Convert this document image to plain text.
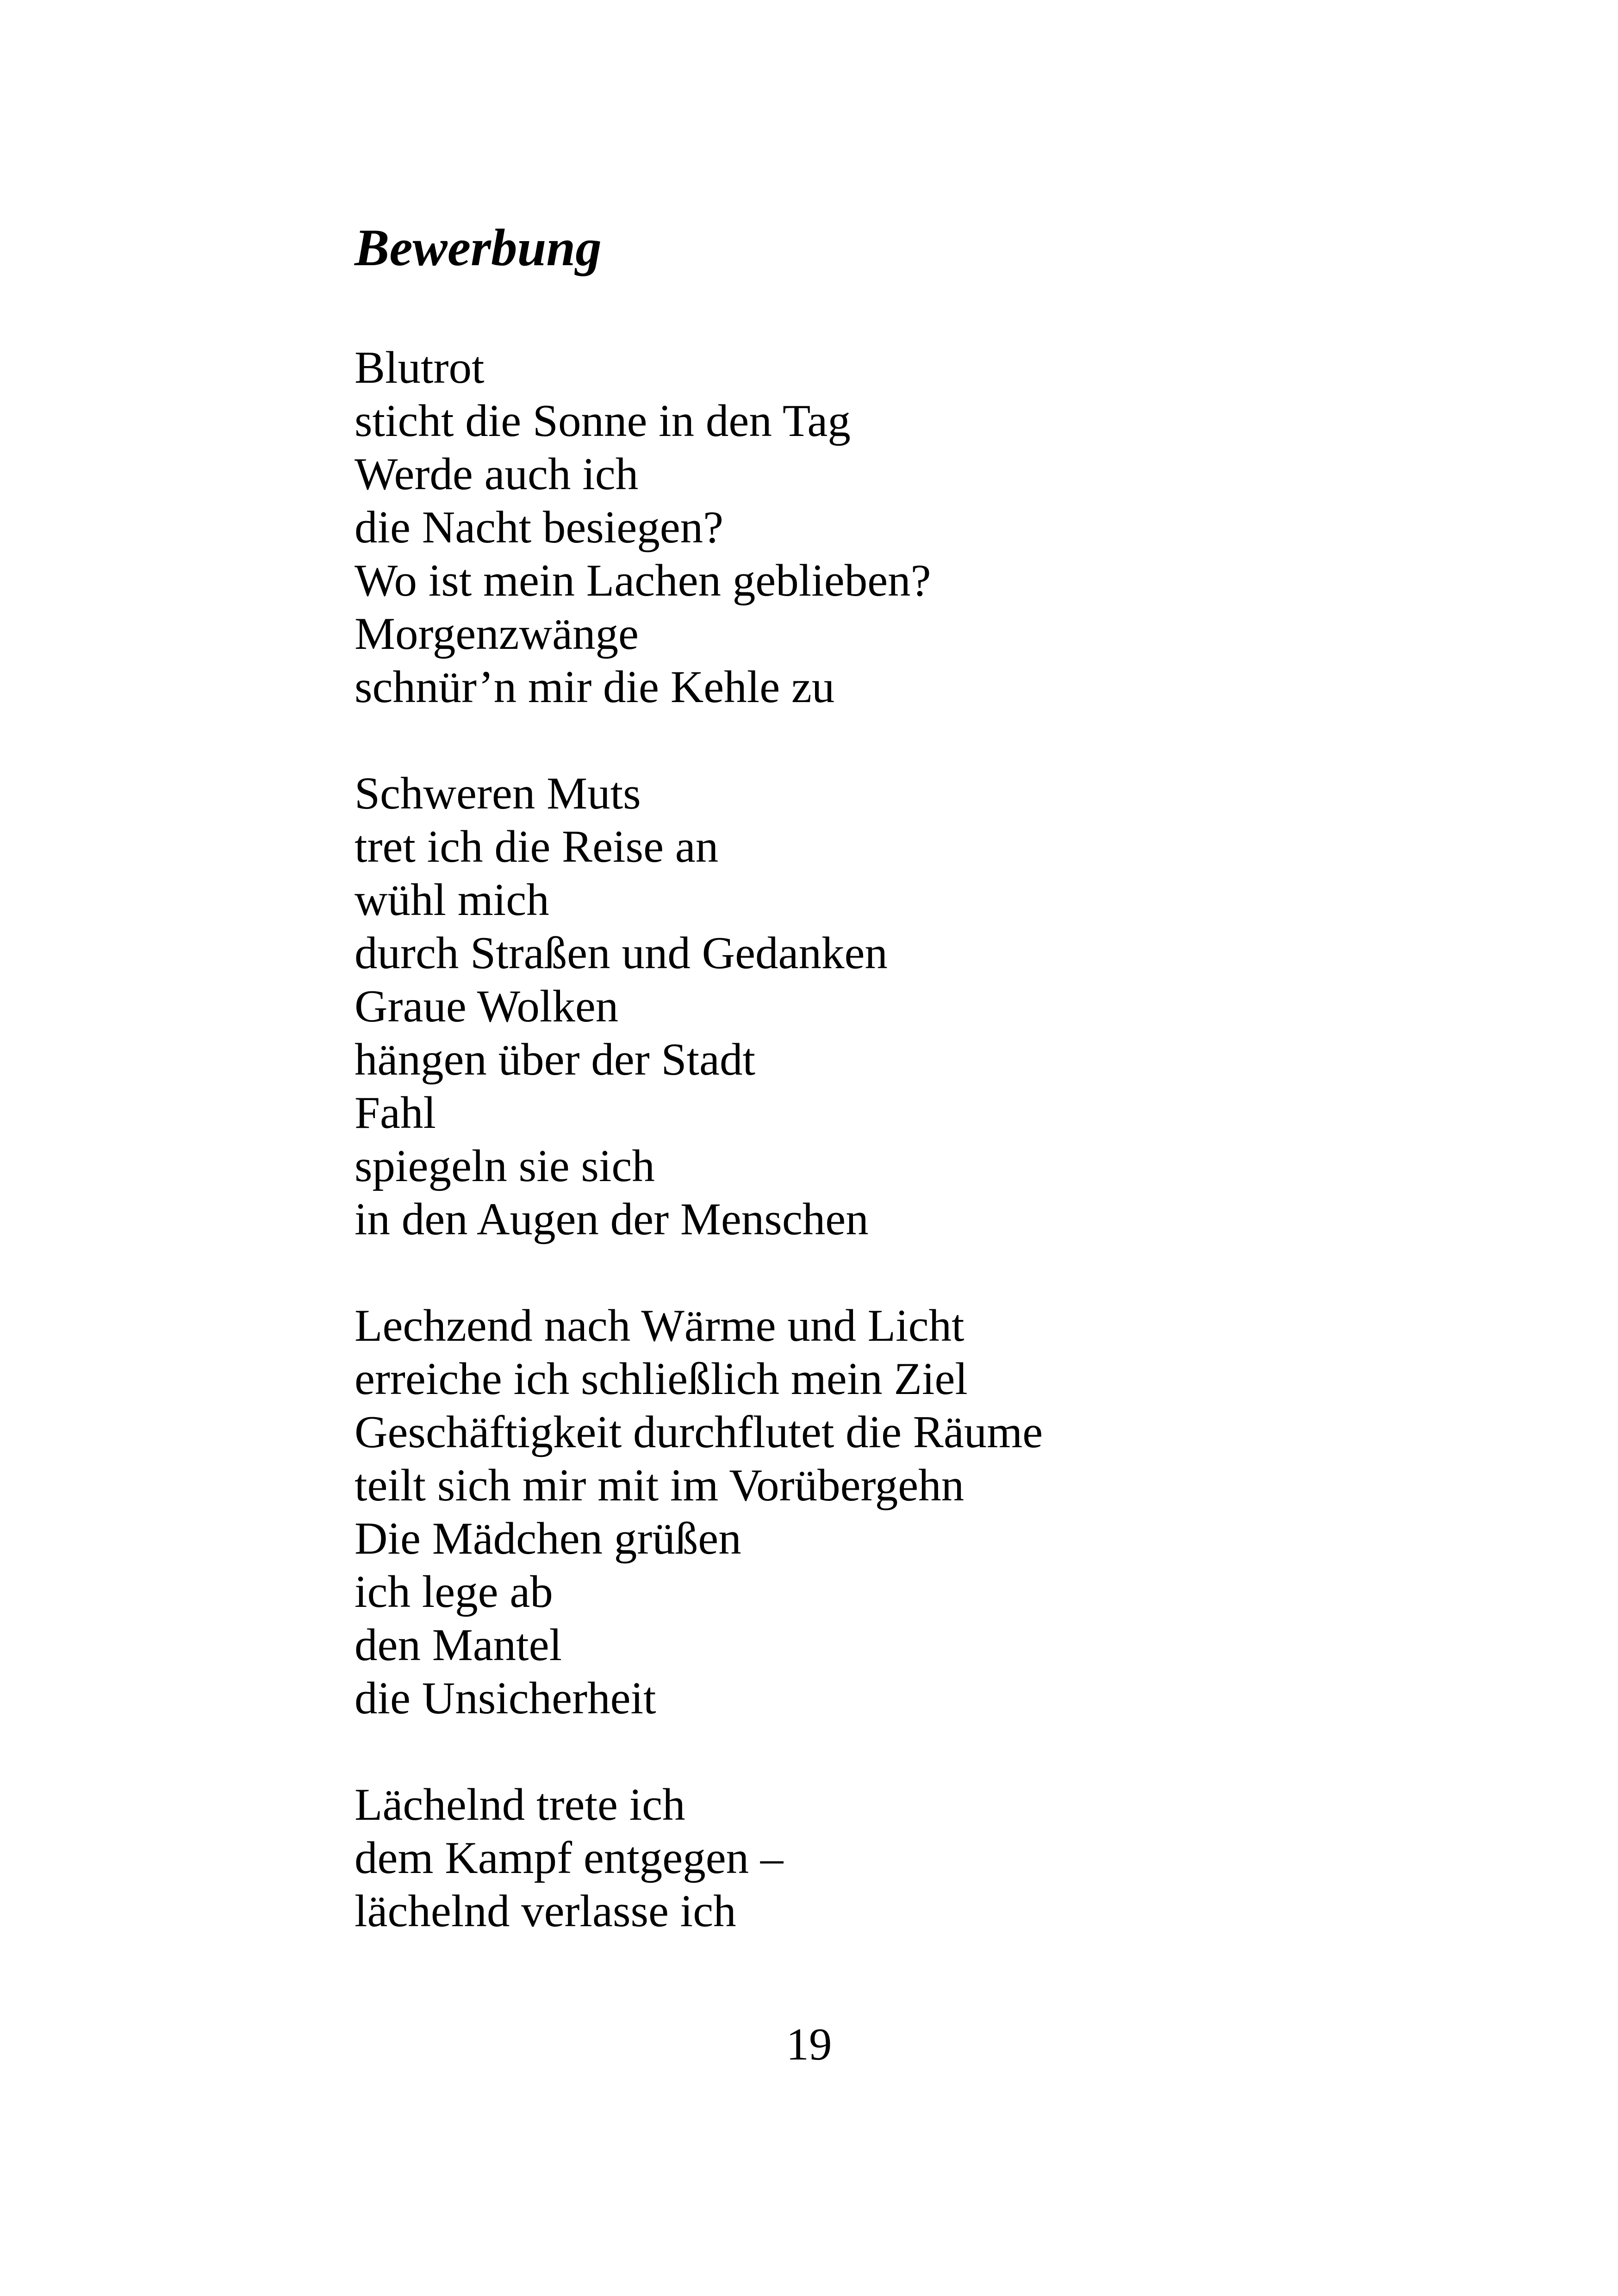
Bewerbung
Blutrot
sticht die Sonne in den Tag
Werde auch ich
die Nacht besiegen?
Wo ist mein Lachen geblieben?
Morgenzwänge
schnür’n mir die Kehle zu
Schweren Muts
tret ich die Reise an
wühl mich
durch Straßen und Gedanken
Graue Wolken
hängen über der Stadt
Fahl
spiegeln sie sich
in den Augen der Menschen
Lechzend nach Wärme und Licht
erreiche ich schließlich mein Ziel
Geschäftigkeit durchflutet die Räume
teilt sich mir mit im Vorübergehn
Die Mädchen grüßen
ich lege ab
den Mantel
die Unsicherheit
Lächelnd trete ich
dem Kampf entgegen –
lächelnd verlasse ich
19
